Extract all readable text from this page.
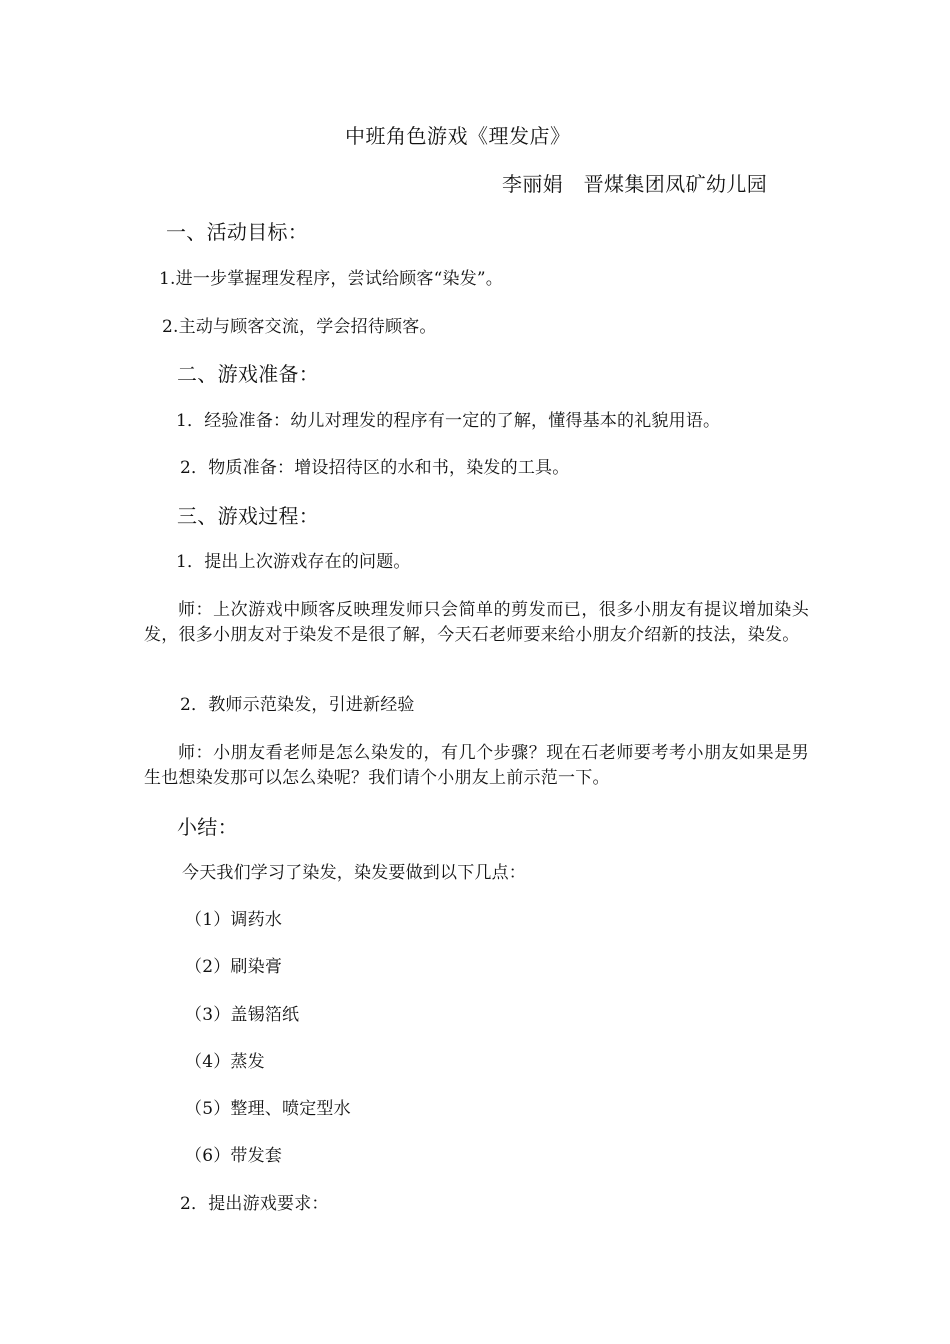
中班角色游戏《理发店》
李丽娟　晋煤集团凤矿幼儿园
一、活动目标：
1.进一步掌握理发程序，尝试给顾客“染发”。
2.主动与顾客交流，学会招待顾客。
二、游戏准备：
1．经验准备：幼儿对理发的程序有一定的了解，懂得基本的礼貌用语。
2．物质准备：增设招待区的水和书，染发的工具。
三、游戏过程：
1．提出上次游戏存在的问题。
师：上次游戏中顾客反映理发师只会简单的剪发而已，很多小朋友有提议增加染头发，很多小朋友对于染发不是很了解，今天石老师要来给小朋友介绍新的技法，染发。
2．教师示范染发，引进新经验
师：小朋友看老师是怎么染发的，有几个步骤？现在石老师要考考小朋友如果是男生也想染发那可以怎么染呢？我们请个小朋友上前示范一下。
小结：
今天我们学习了染发，染发要做到以下几点：
（1）调药水
（2）刷染膏
（3）盖锡箔纸
（4）蒸发
（5）整理、喷定型水
（6）带发套
2．提出游戏要求：
